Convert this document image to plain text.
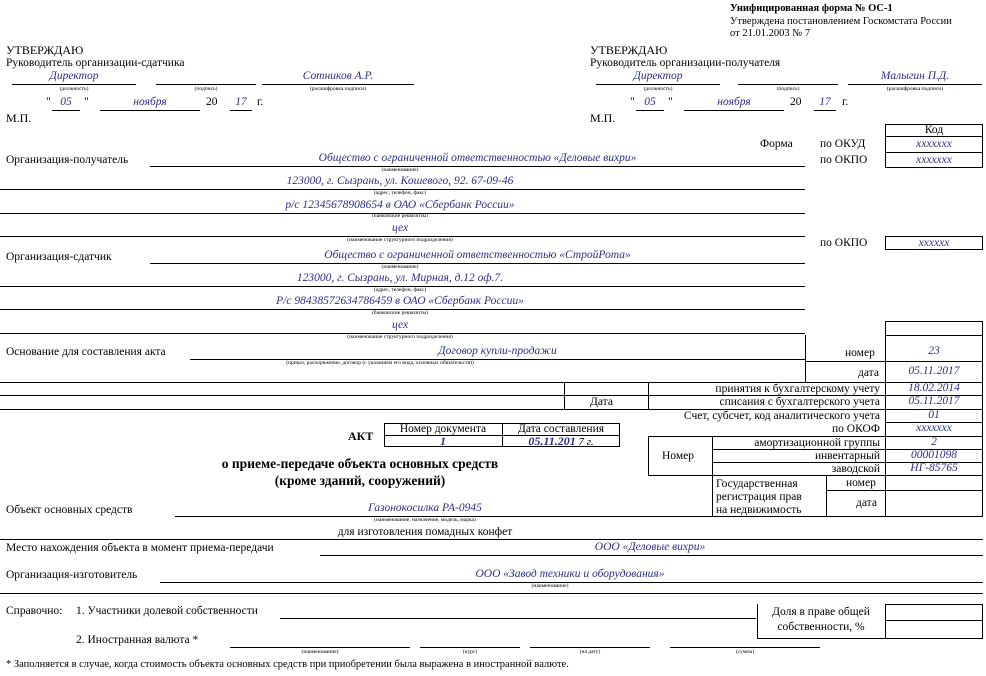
Унифицированная форма № ОС-1
Утверждена постановлением Госкомстата России
от 21.01.2003 № 7
УТВЕРЖДАЮ
Руководитель организации-сдатчика
Директор	Сотников А.Р.
(должность)	(подпись)	(расшифровка подписи)
" 05	"	ноября	20	17 г.
М.П.
УТВЕРЖДАЮ
Руководитель организации-получателя
Директор	Малыгин П.Д.
(должность)	(подпись)	(расшифровка подписи)
" 05	"	ноября	20	17 г.
М.П.
Код
Форма по ОКУД	ххххххх
по ОКПО	ххххххх
Организация-получатель	Общество с ограниченной ответственностью «Деловые вихри»
(наименование)
123000, г. Сызрань, ул. Кошевого, 92. 67-09-46
(адрес, телефон, факс)
р/с 12345678908654 в ОАО «Сбербанк России»
(банковские реквизиты)
цех
(наименование структурного подразделения)	по ОКПО	хххххх
Организация-сдатчик	Общество с ограниченной ответственностью «СтройРота»
(наименование)
123000, г. Сызрань, ул. Мирная, д.12 оф.7.
(адрес, телефон, факс)
Р/с 98438572634786459 в ОАО «Сбербанк России»
(банковские реквизиты)
цех
(наименование структурного подразделения)
номер	23
дата	05.11.2017
Основание для составления акта	Договор купли-продажи
(приказ, распоряжение, договор (с указанием его вида, основных обязательств))
Дата
принятия к бухгалтерскому учету	18.02.2014
списания с бухгалтерского учета	05.11.2017
Счет, субсчет, код аналитического учета	01
по ОКОФ	ххххххх
Номер
амортизационной группы	2
инвентарный	00001098
заводской	НГ-85765
Государственная
регистрация прав
на недвижимость
номер
дата
АКТ	Номер документа	Дата составления
1	05.11.201 7 г.
о приеме-передаче объекта основных средств
(кроме зданий, сооружений)
Объект основных средств	Газонокосилка РА-0945
(наименование, назначение, модель, марка)
для изготовления помадных конфет
Место нахождения объекта в момент приема-передачи	ООО «Деловые вихри»
Организация-изготовитель	ООО «Завод техники и оборудования»
(наименование)
Справочно: 1. Участники долевой собственности	Доля в праве общей
собственности, %
2. Иностранная валюта *
(наименование)	(курс)	(на дату)	(сумма)
* Заполняется в случае, когда стоимость объекта основных средств при приобретении была выражена в иностранной валюте.
